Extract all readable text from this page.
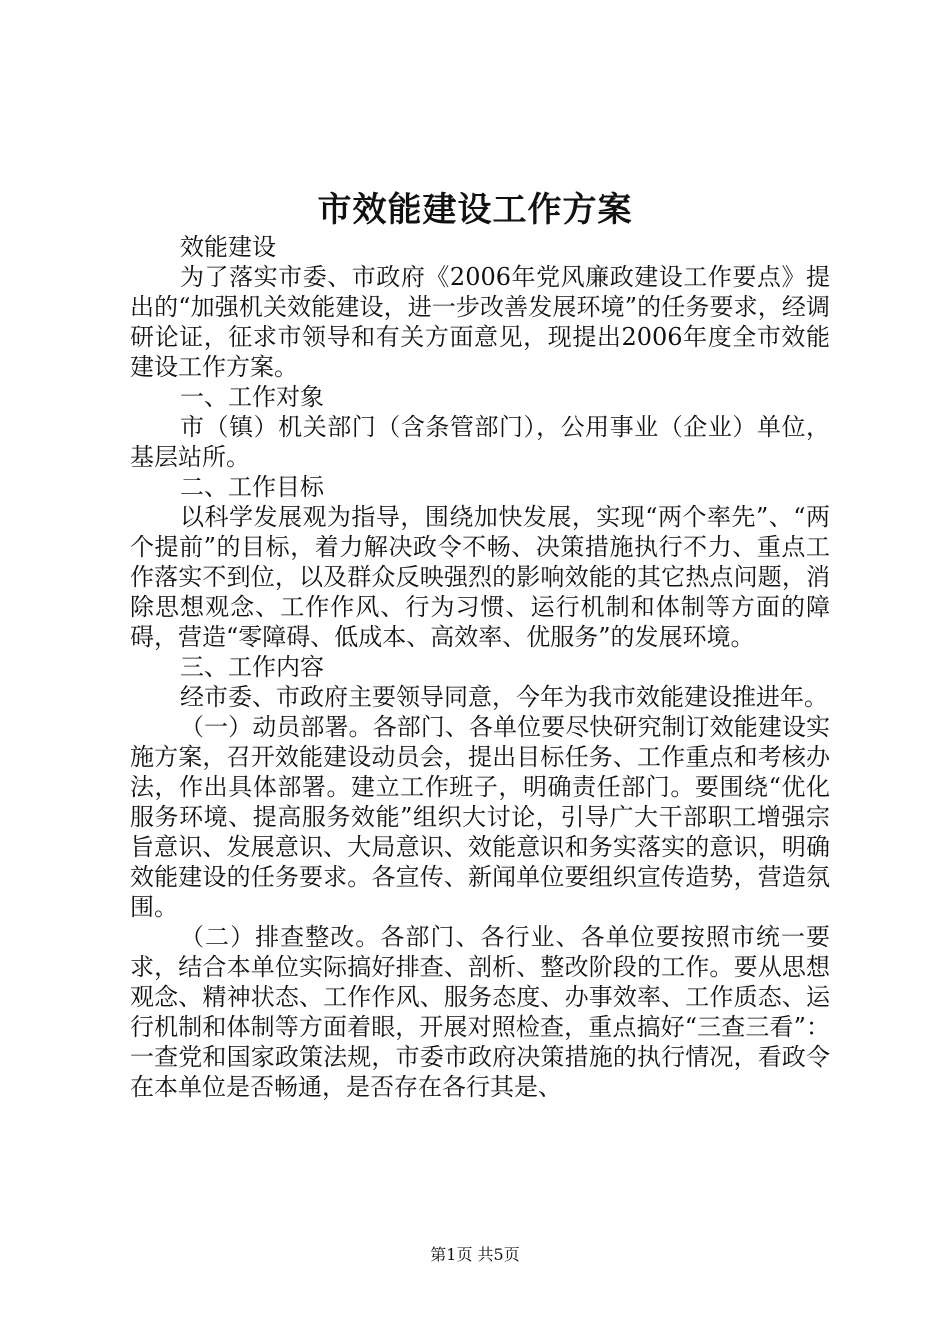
市效能建设工作方案

效能建设

为了落实市委、市政府《2006年党风廉政建设工作要点》提出的“加强机关效能建设，进一步改善发展环境”的任务要求，经调研论证，征求市领导和有关方面意见，现提出2006年度全市效能建设工作方案。

一、工作对象

市（镇）机关部门（含条管部门），公用事业（企业）单位，基层站所。

二、工作目标

以科学发展观为指导，围绕加快发展，实现“两个率先”、“两个提前”的目标，着力解决政令不畅、决策措施执行不力、重点工作落实不到位，以及群众反映强烈的影响效能的其它热点问题，消除思想观念、工作作风、行为习惯、运行机制和体制等方面的障碍，营造“零障碍、低成本、高效率、优服务”的发展环境。

三、工作内容

经市委、市政府主要领导同意，今年为我市效能建设推进年。

（一）动员部署。各部门、各单位要尽快研究制订效能建设实施方案，召开效能建设动员会，提出目标任务、工作重点和考核办法，作出具体部署。建立工作班子，明确责任部门。要围绕“优化服务环境、提高服务效能”组织大讨论，引导广大干部职工增强宗旨意识、发展意识、大局意识、效能意识和务实落实的意识，明确效能建设的任务要求。各宣传、新闻单位要组织宣传造势，营造氛围。

（二）排查整改。各部门、各行业、各单位要按照市统一要求，结合本单位实际搞好排查、剖析、整改阶段的工作。要从思想观念、精神状态、工作作风、服务态度、办事效率、工作质态、运行机制和体制等方面着眼，开展对照检查，重点搞好“三查三看”：一查党和国家政策法规，市委市政府决策措施的执行情况，看政令在本单位是否畅通，是否存在各行其是、

第1页 共5页
